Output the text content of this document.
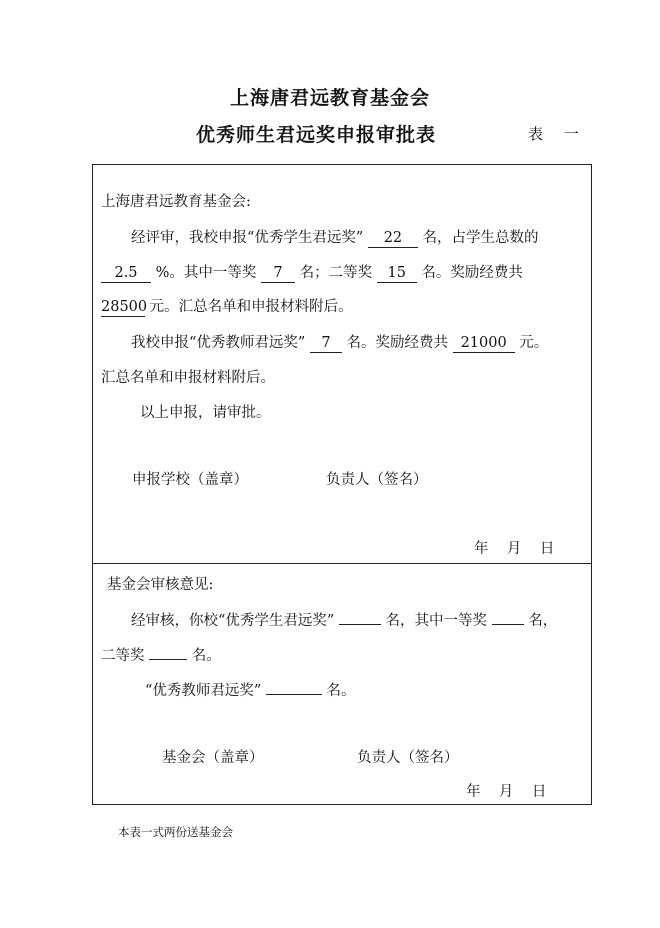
上海唐君远教育基金会
优秀师生君远奖申报审批表	表 一
上海唐君远教育基金会:
经评审，我校申报“优秀学生君远奖” 22 名，占学生总数的
2.5 %。其中一等奖 7 名；二等奖 15 名。奖励经费共
28500 元。汇总名单和申报材料附后。
我校申报“优秀教师君远奖” 7 名。奖励经费共 21000 元。
汇总名单和申报材料附后。
以上申报，请审批。
申报学校（盖章）	负责人（签名）
年    月    日
基金会审核意见:
经审核，你校“优秀学生君远奖”	名，其中一等奖	名，
二等奖	名。
“优秀教师君远奖”	名。
基金会（盖章）	负责人（签名）
年    月    日
本表一式两份送基金会
